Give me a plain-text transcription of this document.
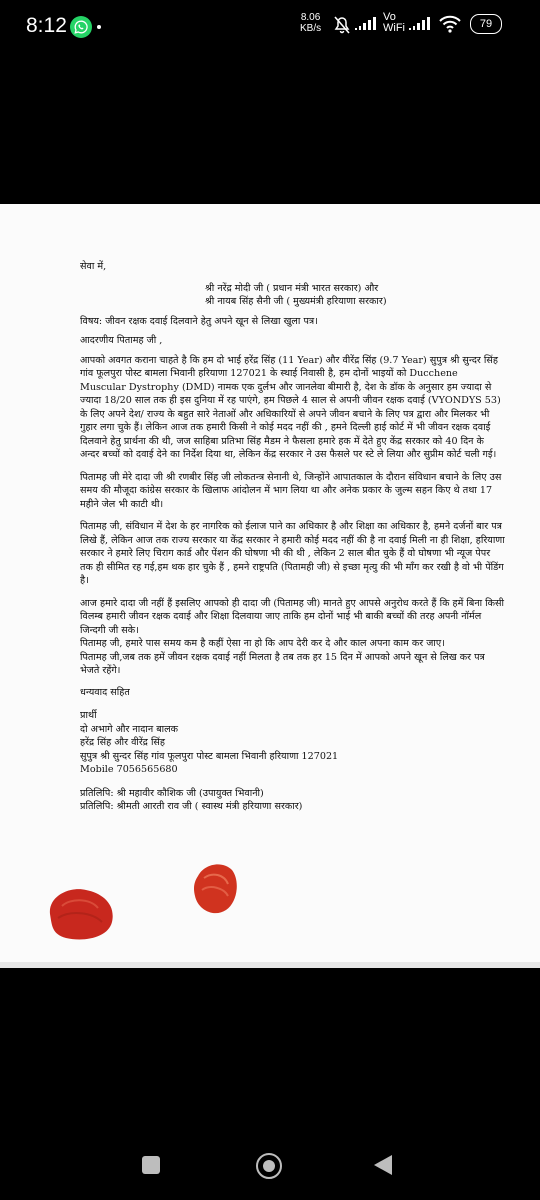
8:12	8.06
KB/s
Vo
WiFi	79

सेवा में,

श्री नरेंद्र मोदी जी ( प्रधान मंत्री भारत सरकार) और

श्री नायब सिंह सैनी जी ( मुख्यमंत्री हरियाणा सरकार)

विषय: जीवन रक्षक दवाई दिलवाने हेतु अपने खून से लिखा खुला पत्र।

आदरणीय पितामह जी ,

आपको अवगत कराना चाहते है कि हम दो भाई हरेंद्र सिंह (11 Year) और वीरेंद्र सिंह (9.7 Year) सुपुत्र श्री सुन्दर सिंह गांव फूलपुरा पोस्ट बामला भिवानी हरियाणा 127021 के स्थाई निवासी है, हम दोनों भाइयों को Ducchene Muscular Dystrophy (DMD) नामक एक दुर्लभ और जानलेवा बीमारी है, देश के डॉक के अनुसार हम ज्यादा से ज्यादा 18/20 साल तक ही इस दुनिया में रह पाएंगे, हम पिछले 4 साल से अपनी जीवन रक्षक दवाई (VYONDYS 53) के लिए अपने देश/ राज्य के बहुत सारे नेताओं और अधिकारियों से अपने जीवन बचाने के लिए पत्र द्वारा और मिलकर भी गुहार लगा चुके हैं। लेकिन आज तक हमारी किसी ने कोई मदद नहीं की , हमने दिल्ली हाई कोर्ट में भी जीवन रक्षक दवाई दिलवाने हेतु प्रार्थना की थी, जज साहिबा प्रतिभा सिंह मैडम ने फैसला हमारे हक में देते हुए केंद्र सरकार को 40 दिन के अन्दर बच्चों को दवाई देने का निर्देश दिया था, लेकिन केंद्र सरकार ने उस फैसले पर स्टे ले लिया और सुप्रीम कोर्ट चली गई।

पितामह जी मेरे दादा जी श्री रणबीर सिंह जी लोकतन्त्र सेनानी थे, जिन्होंने आपातकाल के दौरान संविधान बचाने के लिए उस समय की मौजूदा कांग्रेस सरकार के खिलाफ आंदोलन में भाग लिया था और अनेक प्रकार के जुल्म सहन किए थे तथा 17 महीने जेल भी काटी थी।

पितामह जी, संविधान में देश के हर नागरिक को ईलाज पाने का अधिकार है और शिक्षा का अधिकार है, हमने दर्जनों बार पत्र लिखे हैं, लेकिन आज तक राज्य सरकार या केंद्र सरकार ने हमारी कोई मदद नहीं की है ना दवाई मिली ना ही शिक्षा, हरियाणा सरकार ने हमारे लिए चिराग कार्ड और पेंशन की घोषणा भी की थी , लेकिन 2 साल बीत चुके हैं वो घोषणा भी न्यूज पेपर तक ही सीमित रह गई,हम थक हार चुके हैं , हमने राष्ट्रपति (पितामही जी) से इच्छा मृत्यु की भी माँग कर रखी है वो भी पेंडिंग है।

आज हमारे दादा जी नहीं हैं इसलिए आपको ही दादा जी (पितामह जी) मानते हुए आपसे अनुरोध करते हैं कि हमें बिना किसी विलम्ब हमारी जीवन रक्षक दवाई और शिक्षा दिलवाया जाए ताकि हम दोनों भाई भी बाकी बच्चों की तरह अपनी नॉर्मल जिन्दगी जी सके।

पितामह जी, हमारे पास समय कम है कहीं ऐसा ना हो कि आप देरी कर दे और काल अपना काम कर जाए।

पितामह जी,जब तक हमें जीवन रक्षक दवाई नहीं मिलता है तब तक हर 15 दिन में आपको अपने खून से लिख कर पत्र भेजते रहेंगे।

धन्यवाद सहित

प्रार्थी

दो अभागे और नादान बालक

हरेंद्र सिंह और वीरेंद्र सिंह

सुपुत्र श्री सुन्दर सिंह गांव फूलपुरा पोस्ट बामला भिवानी हरियाणा 127021

Mobile 7056565680

प्रतिलिपि: श्री महावीर कौशिक जी (उपायुक्त भिवानी)

प्रतिलिपि: श्रीमती आरती राव जी ( स्वास्थ मंत्री हरियाणा सरकार)
